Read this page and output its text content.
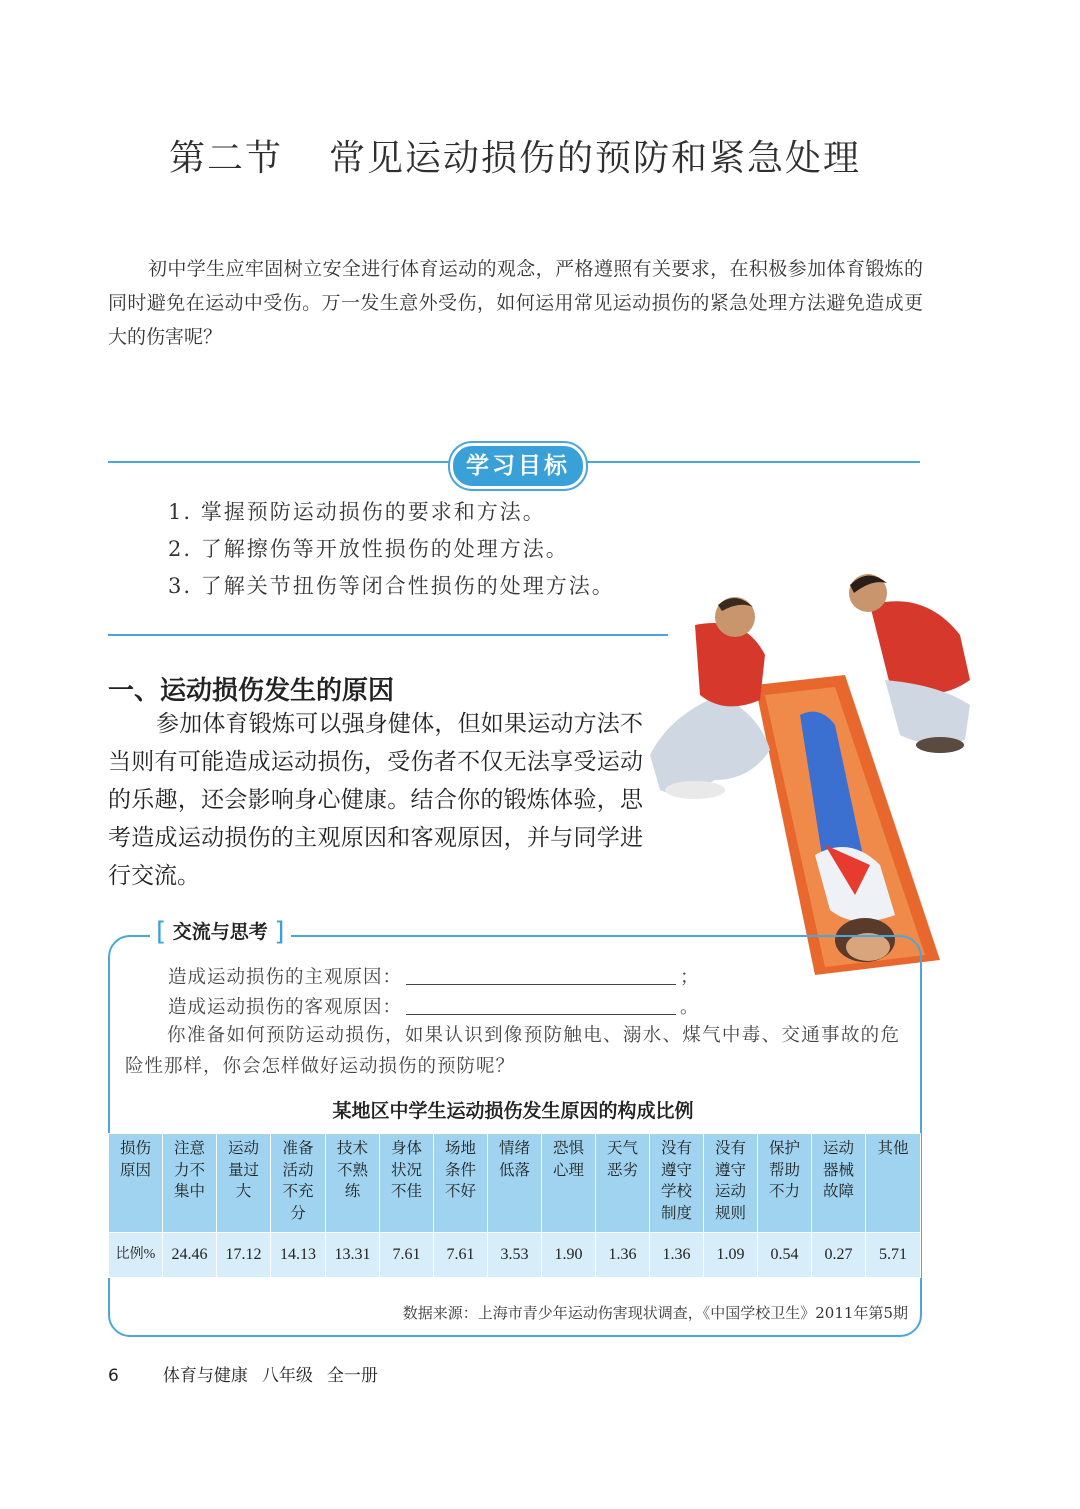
第二节 常见运动损伤的预防和紧急处理
初中学生应牢固树立安全进行体育运动的观念，严格遵照有关要求，在积极参加体育锻炼的同时避免在运动中受伤。万一发生意外受伤，如何运用常见运动损伤的紧急处理方法避免造成更大的伤害呢？
学习目标
1. 掌握预防运动损伤的要求和方法。
2. 了解擦伤等开放性损伤的处理方法。
3. 了解关节扭伤等闭合性损伤的处理方法。
一、运动损伤发生的原因
参加体育锻炼可以强身健体，但如果运动方法不当则有可能造成运动损伤，受伤者不仅无法享受运动的乐趣，还会影响身心健康。结合你的锻炼体验，思考造成运动损伤的主观原因和客观原因，并与同学进行交流。
[ 交流与思考 ]
造成运动损伤的主观原因：	；
造成运动损伤的客观原因：	。
你准备如何预防运动损伤，如果认识到像预防触电、溺水、煤气中毒、交通事故的危险性那样，你会怎样做好运动损伤的预防呢？
某地区中学生运动损伤发生原因的构成比例
损伤原因	注意力不集中	运动量过大	准备活动不充分	技术不熟练	身体状况不佳	场地条件不好	情绪低落	恐惧心理	天气恶劣	没有遵守学校制度	没有遵守运动规则	保护帮助不力	运动器械故障	其他
比例%	24.46	17.12	14.13	13.31	7.61	7.61	3.53	1.90	1.36	1.36	1.09	0.54	0.27	5.71
数据来源：上海市青少年运动伤害现状调查，《中国学校卫生》2011年第5期
6	体育与健康 八年级 全一册
